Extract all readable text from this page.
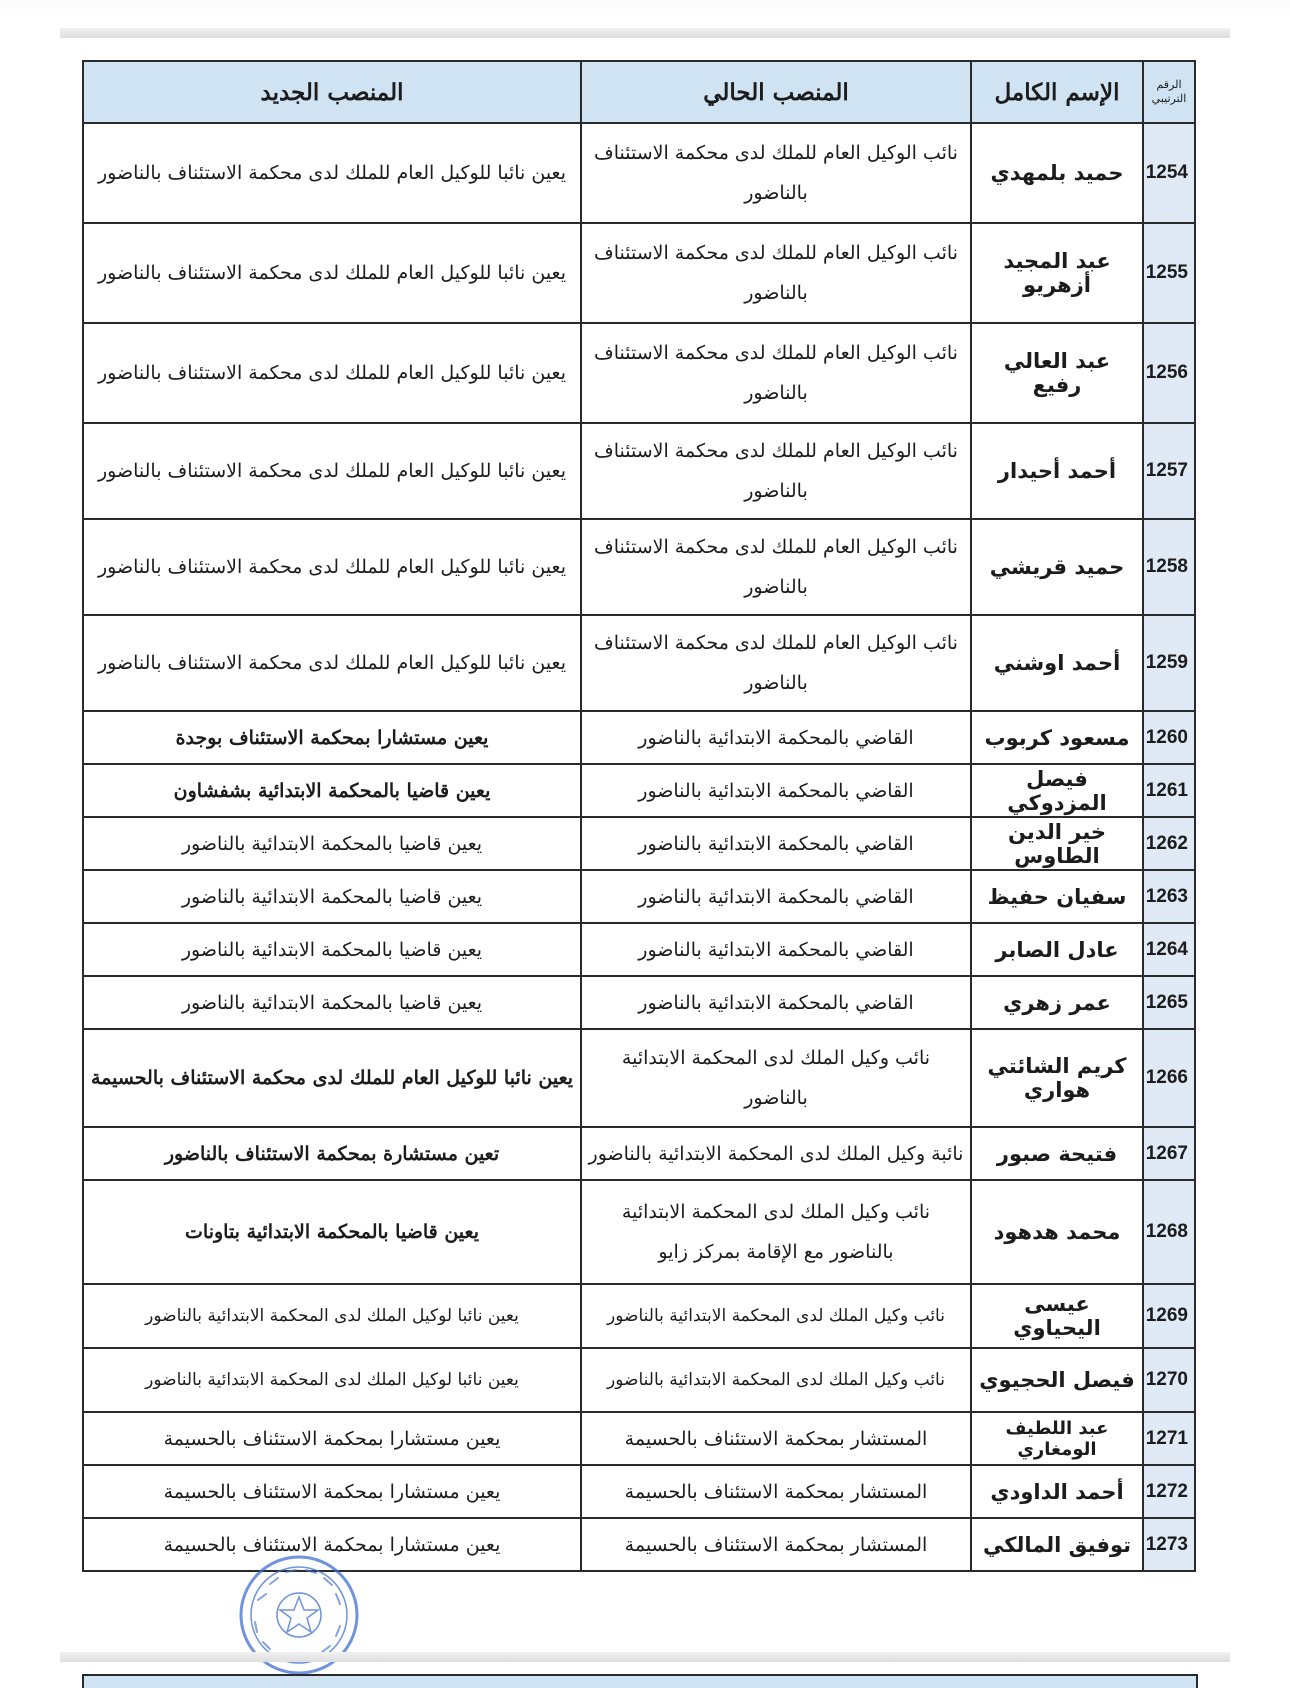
الرقم الترتيبي	الإسم الكامل	المنصب الحالي	المنصب الجديد
1254	حميد بلمهدي	نائب الوكيل العام للملك لدى محكمة الاستئناف بالناضور	يعين نائبا للوكيل العام للملك لدى محكمة الاستئناف بالناضور
1255	عبد المجيد أزهريو	نائب الوكيل العام للملك لدى محكمة الاستئناف بالناضور	يعين نائبا للوكيل العام للملك لدى محكمة الاستئناف بالناضور
1256	عبد العالي رفيع	نائب الوكيل العام للملك لدى محكمة الاستئناف بالناضور	يعين نائبا للوكيل العام للملك لدى محكمة الاستئناف بالناضور
1257	أحمد أحيدار	نائب الوكيل العام للملك لدى محكمة الاستئناف بالناضور	يعين نائبا للوكيل العام للملك لدى محكمة الاستئناف بالناضور
1258	حميد قريشي	نائب الوكيل العام للملك لدى محكمة الاستئناف بالناضور	يعين نائبا للوكيل العام للملك لدى محكمة الاستئناف بالناضور
1259	أحمد اوشني	نائب الوكيل العام للملك لدى محكمة الاستئناف بالناضور	يعين نائبا للوكيل العام للملك لدى محكمة الاستئناف بالناضور
1260	مسعود كربوب	القاضي بالمحكمة الابتدائية بالناضور	يعين مستشارا بمحكمة الاستئناف بوجدة
1261	فيصل المزدوكي	القاضي بالمحكمة الابتدائية بالناضور	يعين قاضيا بالمحكمة الابتدائية بشفشاون
1262	خير الدين الطاوس	القاضي بالمحكمة الابتدائية بالناضور	يعين قاضيا بالمحكمة الابتدائية بالناضور
1263	سفيان حفيظ	القاضي بالمحكمة الابتدائية بالناضور	يعين قاضيا بالمحكمة الابتدائية بالناضور
1264	عادل الصابر	القاضي بالمحكمة الابتدائية بالناضور	يعين قاضيا بالمحكمة الابتدائية بالناضور
1265	عمر زهري	القاضي بالمحكمة الابتدائية بالناضور	يعين قاضيا بالمحكمة الابتدائية بالناضور
1266	كريم الشائتي هواري	نائب وكيل الملك لدى المحكمة الابتدائية بالناضور	يعين نائبا للوكيل العام للملك لدى محكمة الاستئناف بالحسيمة
1267	فتيحة صبور	نائبة وكيل الملك لدى المحكمة الابتدائية بالناضور	تعين مستشارة بمحكمة الاستئناف بالناضور
1268	محمد هدهود	نائب وكيل الملك لدى المحكمة الابتدائية بالناضور مع الإقامة بمركز زايو	يعين قاضيا بالمحكمة الابتدائية بتاونات
1269	عيسى اليحياوي	نائب وكيل الملك لدى المحكمة الابتدائية بالناضور	يعين نائبا لوكيل الملك لدى المحكمة الابتدائية بالناضور
1270	فيصل الحجيوي	نائب وكيل الملك لدى المحكمة الابتدائية بالناضور	يعين نائبا لوكيل الملك لدى المحكمة الابتدائية بالناضور
1271	عبد اللطيف الومغاري	المستشار بمحكمة الاستئناف بالحسيمة	يعين مستشارا بمحكمة الاستئناف بالحسيمة
1272	أحمد الداودي	المستشار بمحكمة الاستئناف بالحسيمة	يعين مستشارا بمحكمة الاستئناف بالحسيمة
1273	توفيق المالكي	المستشار بمحكمة الاستئناف بالحسيمة	يعين مستشارا بمحكمة الاستئناف بالحسيمة
